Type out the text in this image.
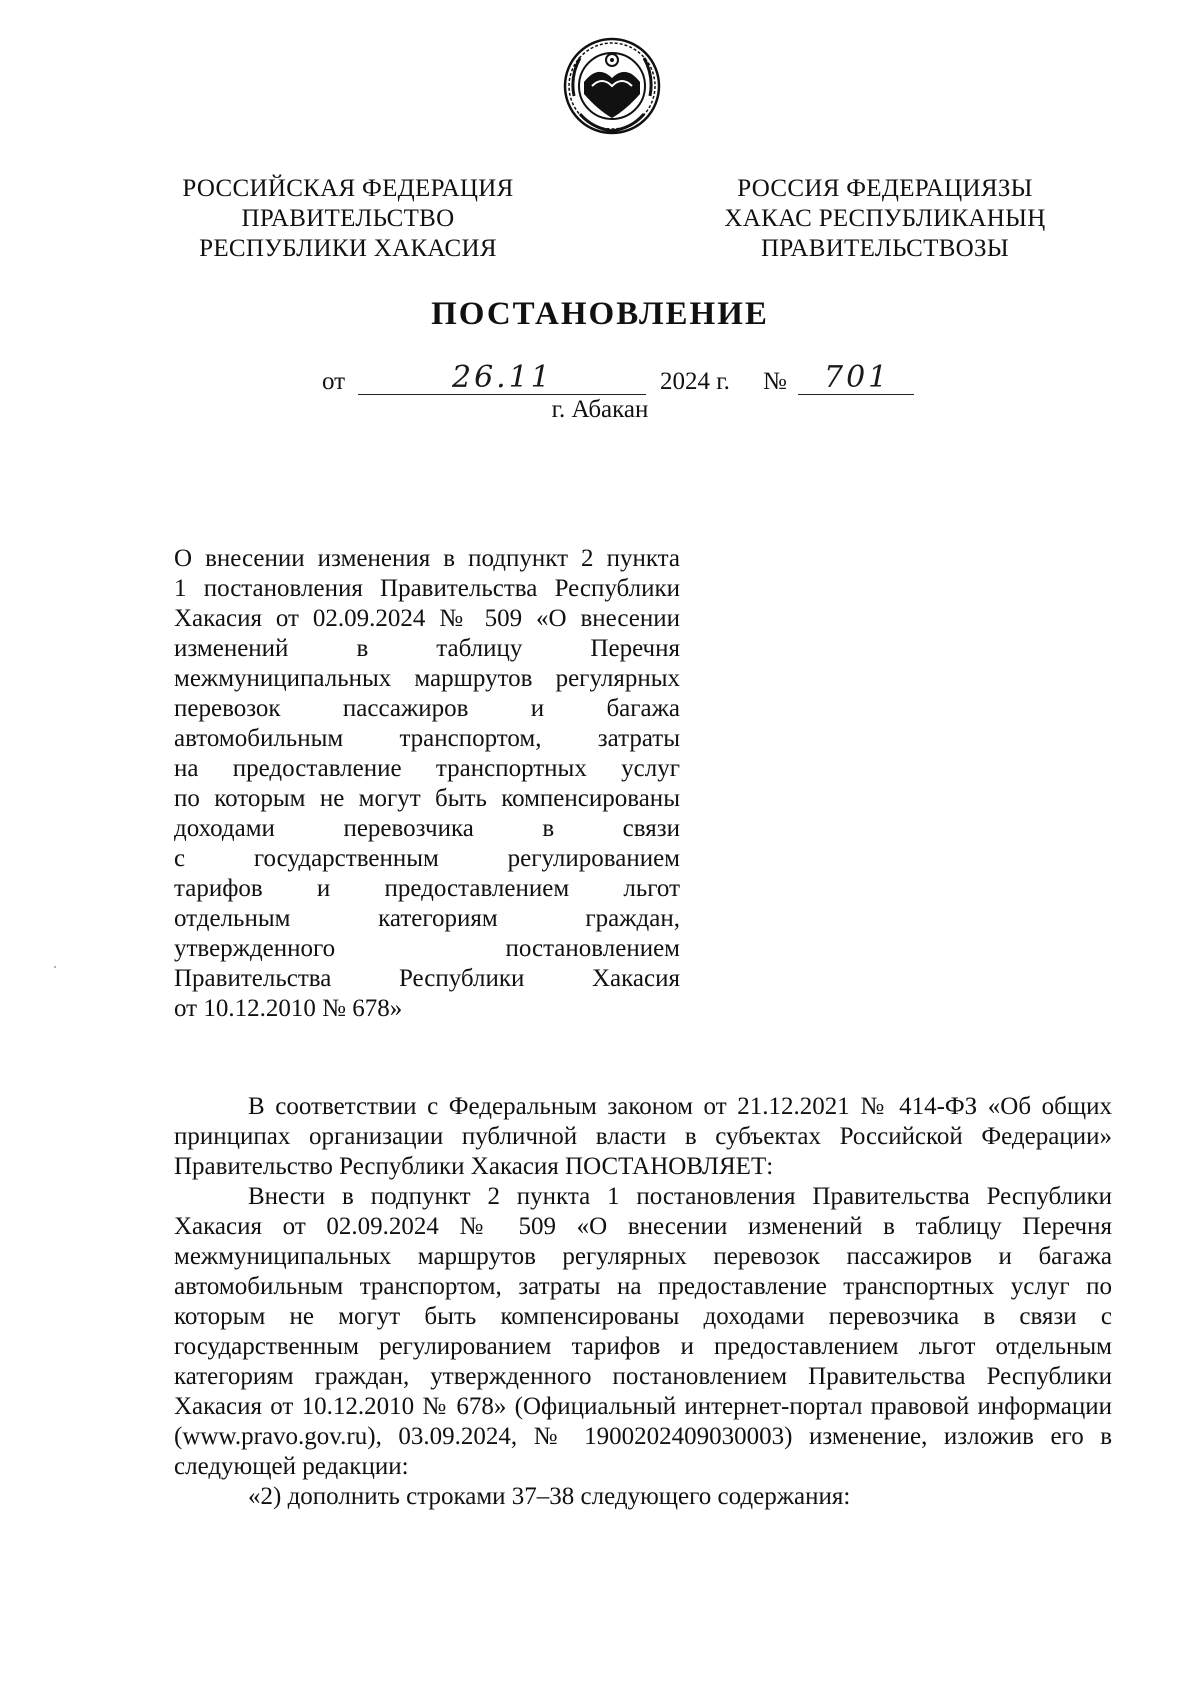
РОССИЙСКАЯ ФЕДЕРАЦИЯ
ПРАВИТЕЛЬСТВО
РЕСПУБЛИКИ ХАКАСИЯ
РОССИЯ ФЕДЕРАЦИЯЗЫ
ХАКАС РЕСПУБЛИКАНЫҢ
ПРАВИТЕЛЬСТВОЗЫ
ПОСТАНОВЛЕНИЕ
от	26.11	2024 г. № 701
г. Абакан
О внесении изменения в подпункт 2 пункта
1 постановления Правительства Республики
Хакасия от 02.09.2024 № 509 «О внесении
изменений в таблицу Перечня
межмуниципальных маршрутов регулярных
перевозок пассажиров и багажа
автомобильным транспортом, затраты
на предоставление транспортных услуг
по которым не могут быть компенсированы
доходами перевозчика в связи
с государственным регулированием
тарифов и предоставлением льгот
отдельным категориям граждан,
утвержденного постановлением
Правительства Республики Хакасия
от 10.12.2010 № 678»

В соответствии с Федеральным законом от 21.12.2021 № 414-ФЗ «Об общих принципах организации публичной власти в субъектах Российской Федерации» Правительство Республики Хакасия ПОСТАНОВЛЯЕТ:

Внести в подпункт 2 пункта 1 постановления Правительства Республики Хакасия от 02.09.2024 № 509 «О внесении изменений в таблицу Перечня межмуниципальных маршрутов регулярных перевозок пассажиров и багажа автомобильным транспортом, затраты на предоставление транспортных услуг по которым не могут быть компенсированы доходами перевозчика в связи с государственным регулированием тарифов и предоставлением льгот отдельным категориям граждан, утвержденного постановлением Правительства Республики Хакасия от 10.12.2010 № 678» (Официальный интернет-портал правовой информации (www.pravo.gov.ru), 03.09.2024, № 1900202409030003) изменение, изложив его в следующей редакции:

«2) дополнить строками 37–38 следующего содержания:
